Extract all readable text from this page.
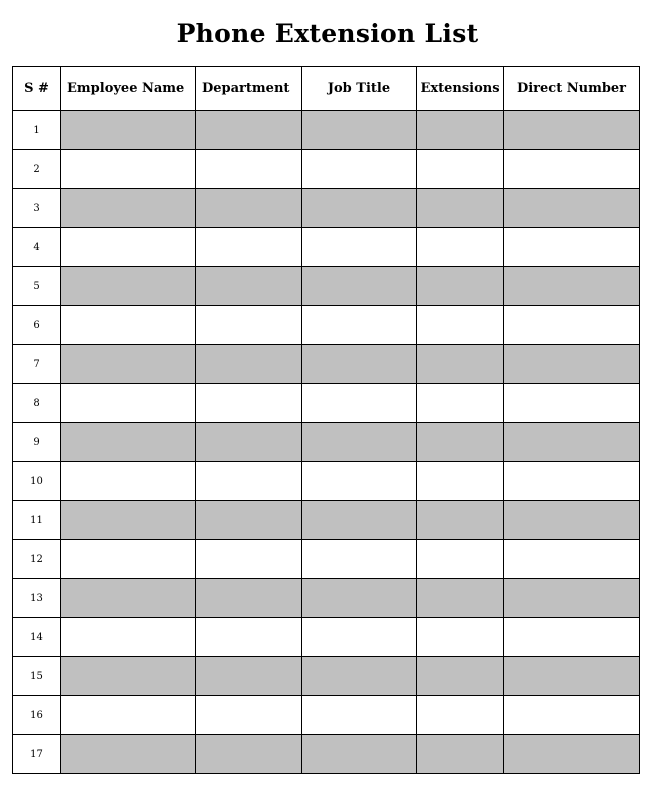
Phone Extension List
S #	Employee Name	Department	Job Title	Extensions	Direct Number
1					
2					
3					
4					
5					
6					
7					
8					
9					
10					
11					
12					
13					
14					
15					
16					
17					
